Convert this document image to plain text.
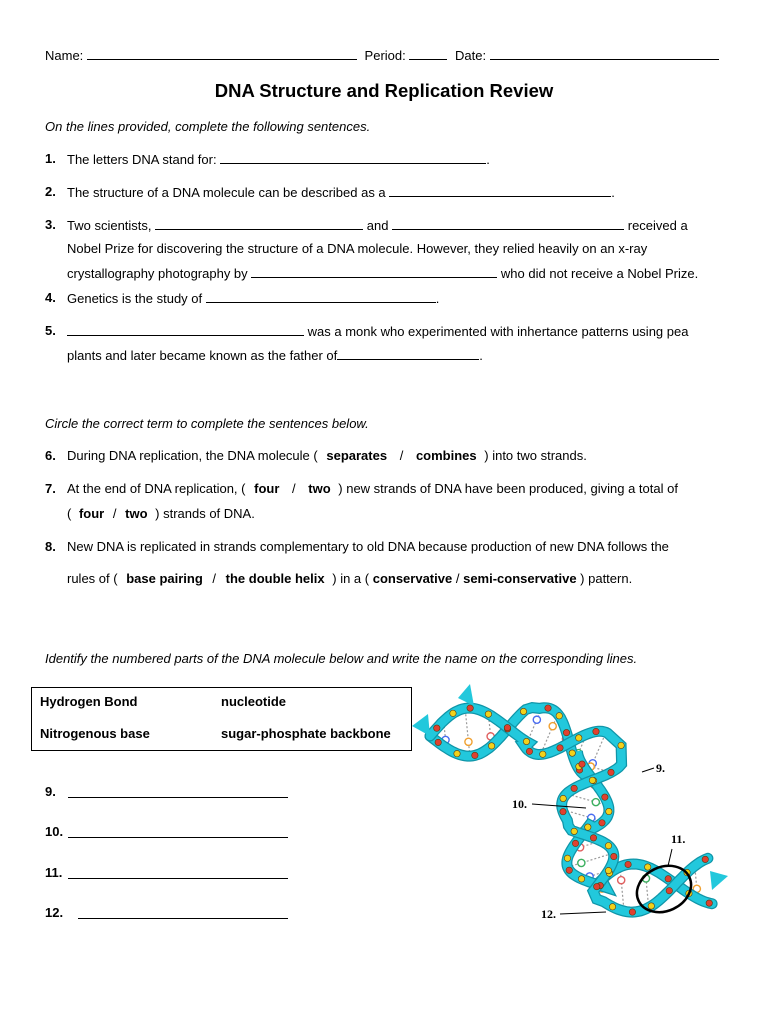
Name:	Period:	Date:
DNA Structure and Replication Review
On the lines provided, complete the following sentences.
1. The letters DNA stand for:	.
2. The structure of a DNA molecule can be described as a	.
3. Two scientists,	and	received a
Nobel Prize for discovering the structure of a DNA molecule. However, they relied heavily on an x-ray
crystallography photography by	who did not receive a Nobel Prize.
4. Genetics is the study of	.
5.	was a monk who experimented with inhertance patterns using pea
plants and later became known as the father of	.
Circle the correct term to complete the sentences below.
6. During DNA replication, the DNA molecule ( separates / combines ) into two strands.
7. At the end of DNA replication, ( four / two ) new strands of DNA have been produced, giving a total of
( four / two ) strands of DNA.
8. New DNA is replicated in strands complementary to old DNA because production of new DNA follows the
rules of ( base pairing / the double helix ) in a ( conservative / semi-conservative ) pattern.
Identify the numbered parts of the DNA molecule below and write the name on the corresponding lines.
Hydrogen Bond	nucleotide
Nitrogenous base	sugar-phosphate backbone
9.
10.
11.
12.
9.
10.
11.
12.
